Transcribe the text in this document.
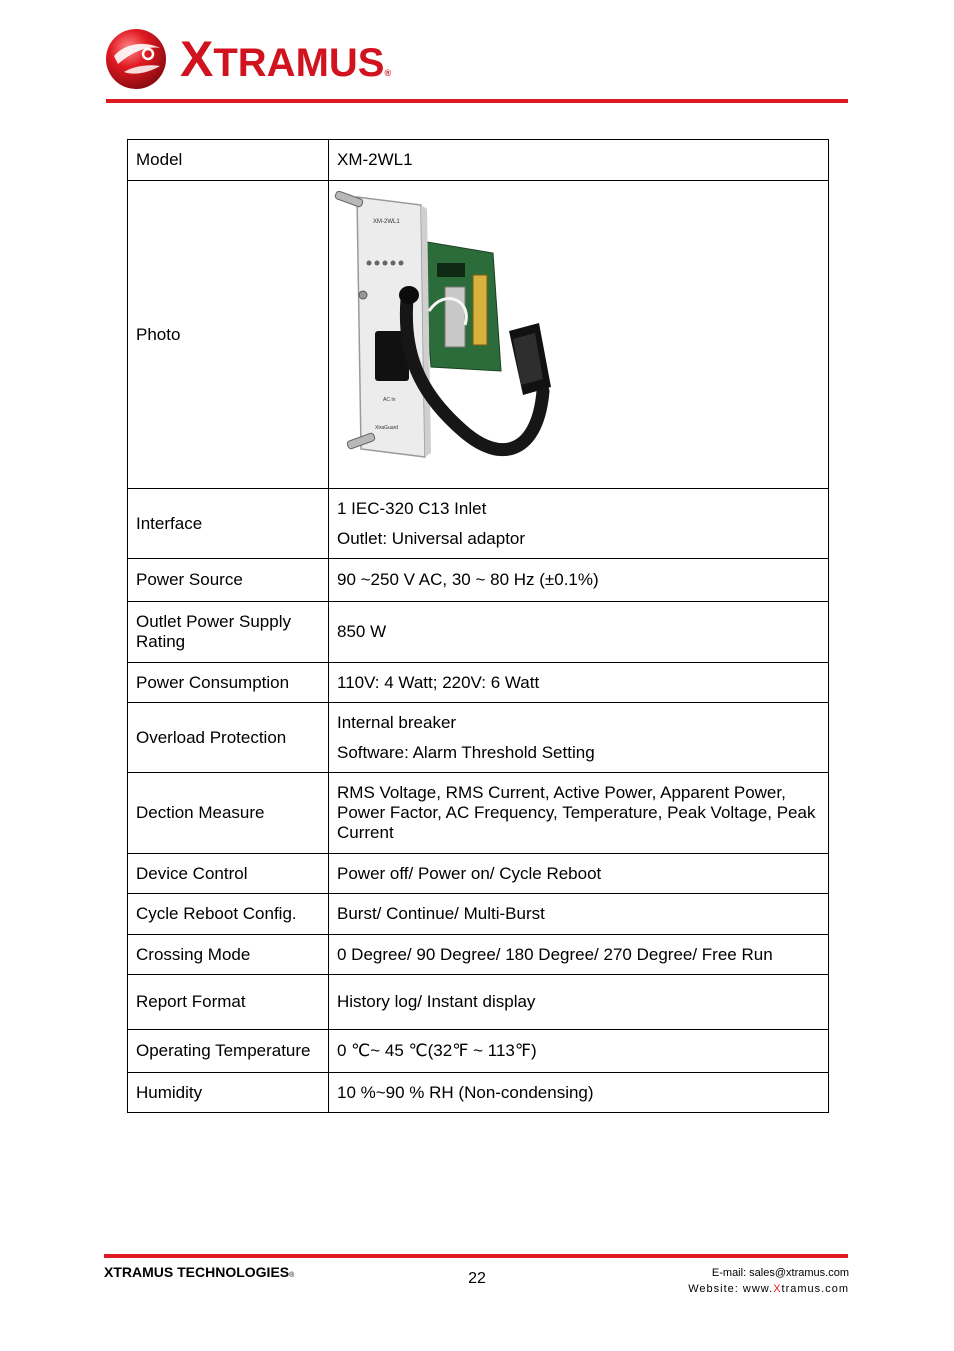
XTRAMUS®
Model	XM-2WL1

Photo	XM-2WL1
AC In
XtraGuard

Interface	1 IEC-320 C13 Inlet
Outlet: Universal adaptor

Power Source	90 ~250 V AC, 30 ~ 80 Hz (±0.1%)

Outlet Power Supply Rating	850 W

Power Consumption	110V: 4 Watt; 220V: 6 Watt

Overload Protection	Internal breaker
Software: Alarm Threshold Setting

Dection Measure	RMS Voltage, RMS Current, Active Power, Apparent Power, Power Factor, AC Frequency, Temperature, Peak Voltage, Peak Current

Device Control	Power off/ Power on/ Cycle Reboot

Cycle Reboot Config.	Burst/ Continue/ Multi-Burst

Crossing Mode	0 Degree/ 90 Degree/ 180 Degree/ 270 Degree/ Free Run

Report Format	History log/ Instant display

Operating Temperature	0 ℃~ 45 ℃(32℉ ~ 113℉)

Humidity	10 %~90 % RH (Non-condensing)
XTRAMUS TECHNOLOGIES®	22	E-mail: sales@xtramus.com
Website: www.Xtramus.com
